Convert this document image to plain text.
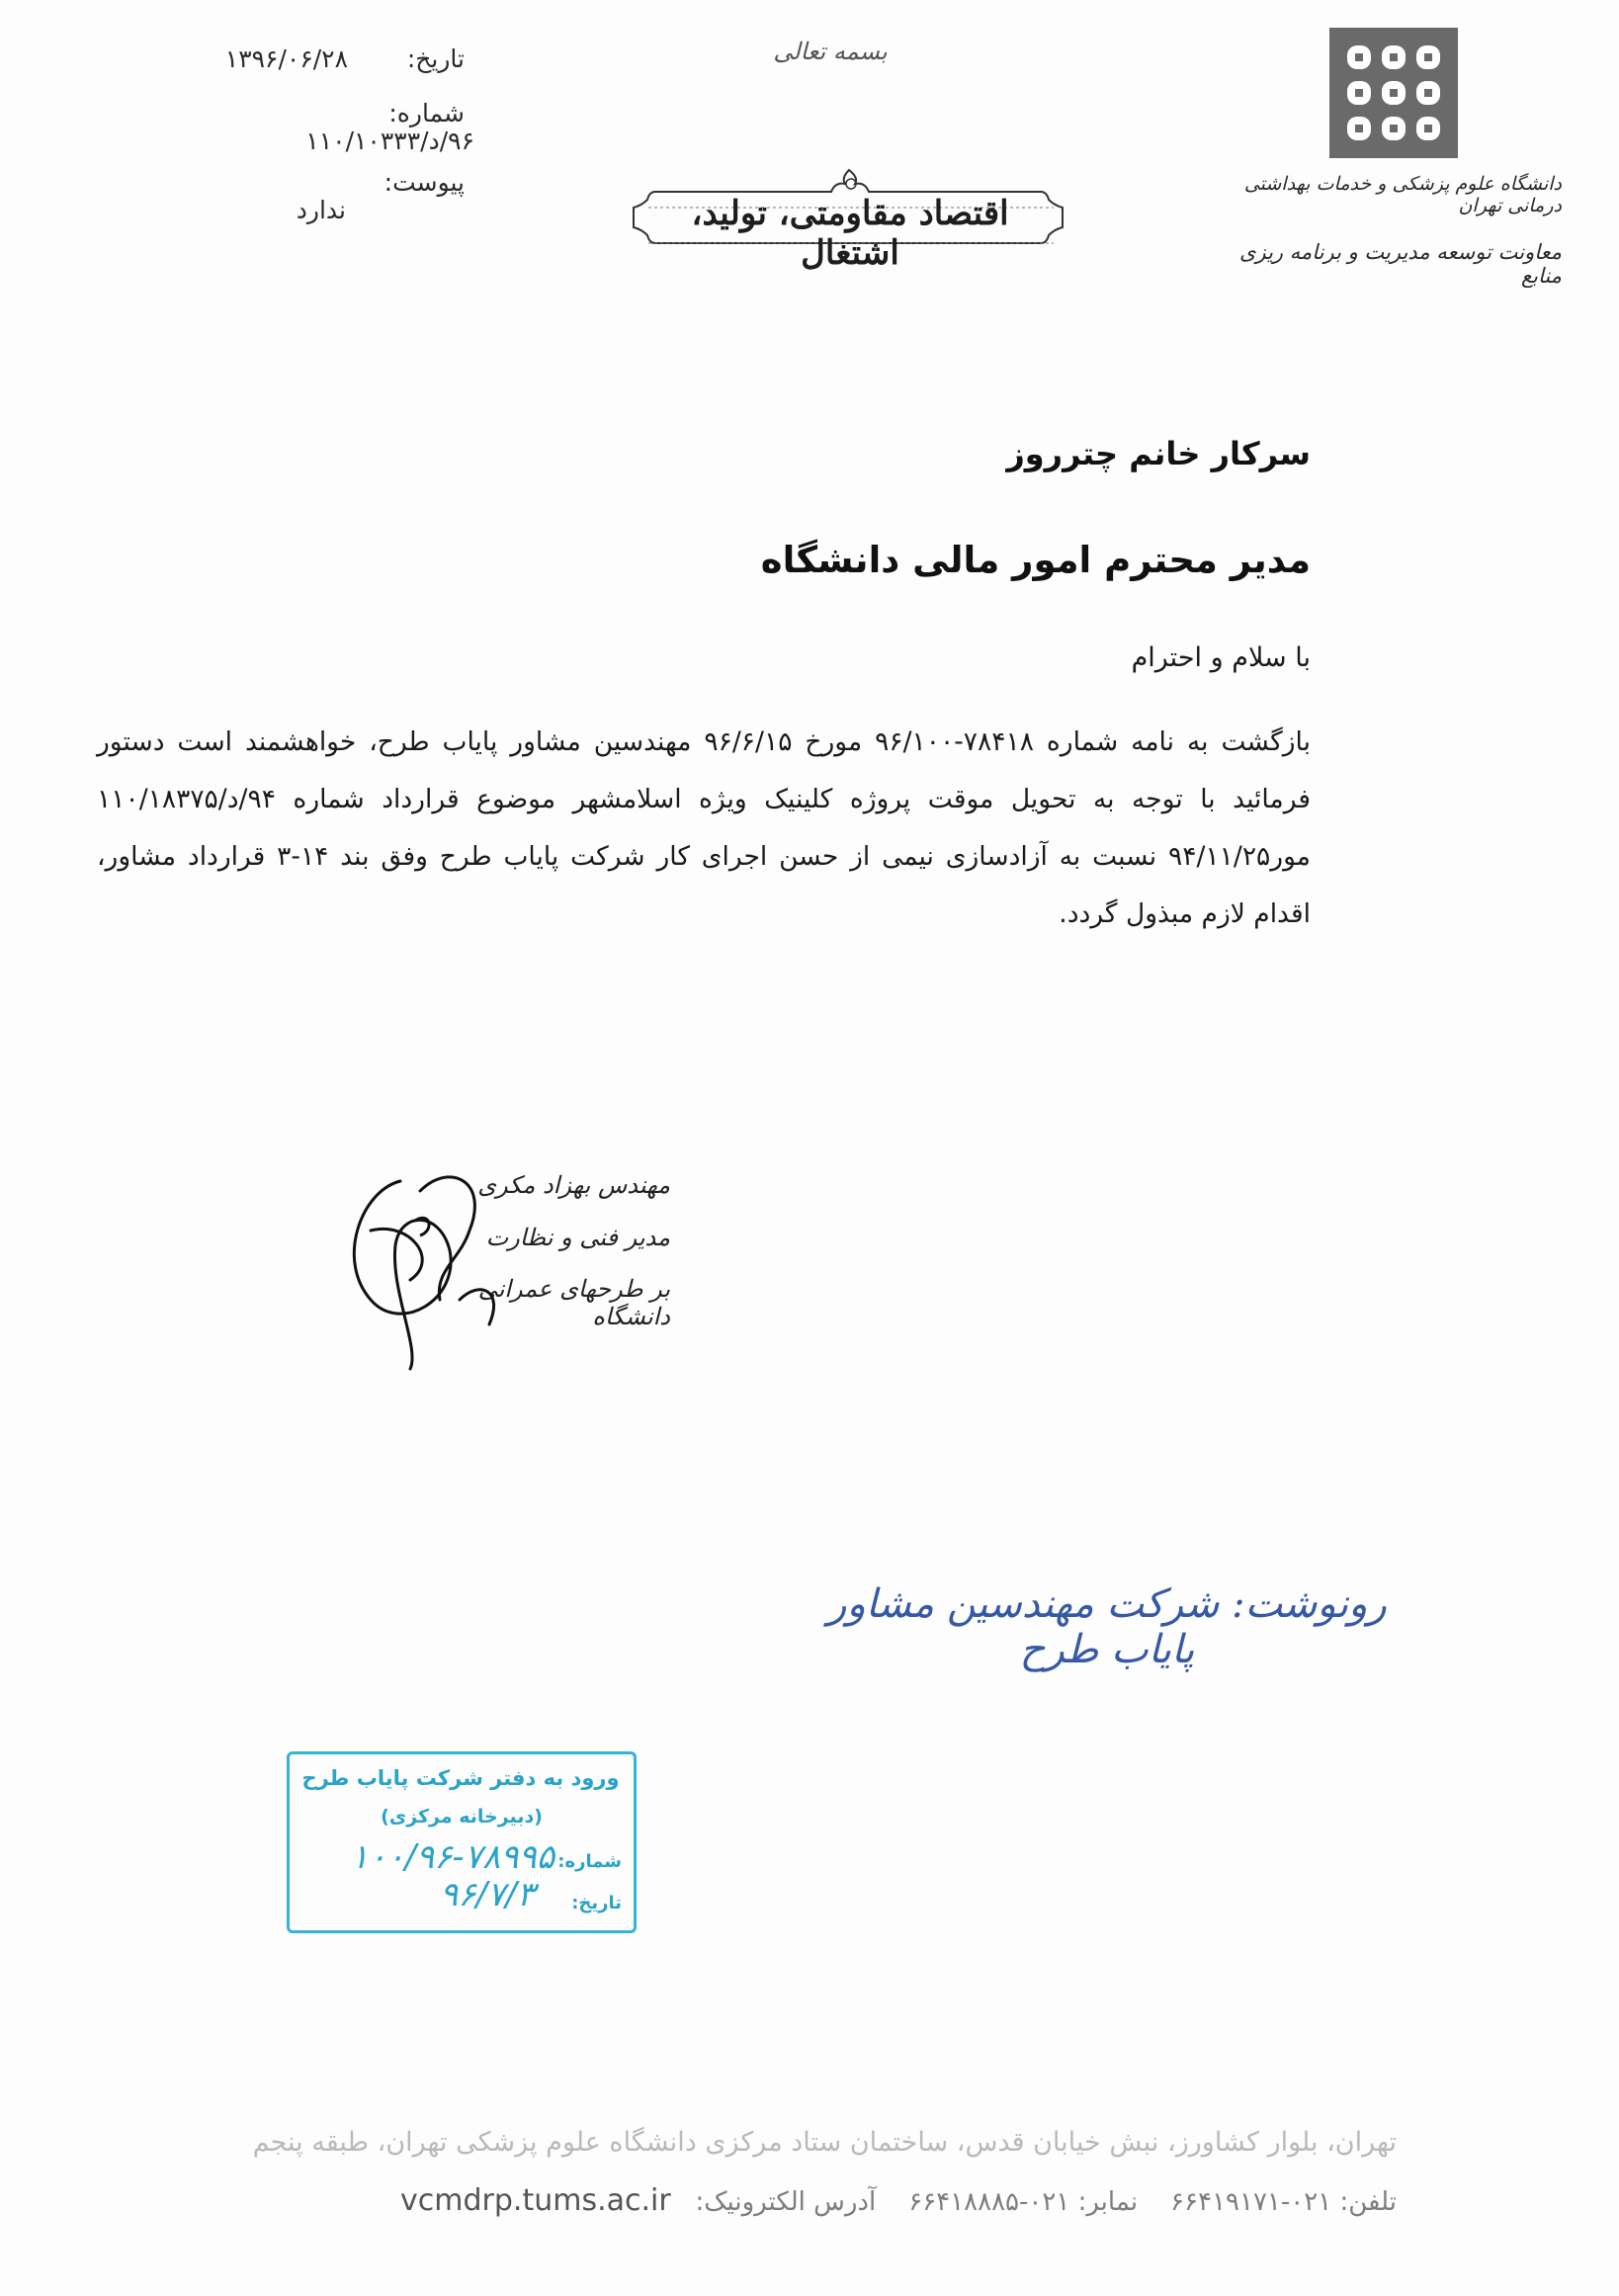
تاریخ: ۱۳۹۶/۰۶/۲۸
شماره:
۹۶/د/۱۱۰/۱۰۳۳۳
پیوست:
ندارد
بسمه تعالی
اقتصاد مقاومتی، تولید، اشتغال
دانشگاه علوم پزشکی و خدمات بهداشتی درمانی تهران
معاونت توسعه مدیریت و برنامه ریزی منابع
سرکار خانم چترروز
مدیر محترم امور مالی دانشگاه
با سلام و احترام
بازگشت به نامه شماره ۷۸۴۱۸-۹۶/۱۰۰ مورخ ۹۶/۶/۱۵ مهندسین مشاور پایاب طرح، خواهشمند است دستور فرمائید با توجه به تحویل موقت پروژه کلینیک ویژه اسلامشهر موضوع قرارداد شماره ۹۴/د/۱۱۰/۱۸۳۷۵ مور۹۴/۱۱/۲۵ نسبت به آزادسازی نیمی از حسن اجرای کار شرکت پایاب طرح وفق بند ۱۴-۳ قرارداد مشاور، اقدام لازم مبذول گردد.
مهندس بهزاد مکری
مدیر فنی و نظارت
بر طرحهای عمرانی دانشگاه
رونوشت: شرکت مهندسین مشاور پایاب طرح
ورود به دفتر شرکت پایاب طرح
(دبیرخانه مرکزی)
شماره:
۱۰۰/۹۶-۷۸۹۹۵
تاریخ:
۹۶/۷/۳
تهران، بلوار کشاورز، نبش خیابان قدس، ساختمان ستاد مرکزی دانشگاه علوم پزشکی تهران، طبقه پنجم
تلفن: ۰۲۱-۶۶۴۱۹۱۷۱    نمابر: ۰۲۱-۶۶۴۱۸۸۸۵    آدرس الکترونیک:   vcmdrp.tums.ac.ir
